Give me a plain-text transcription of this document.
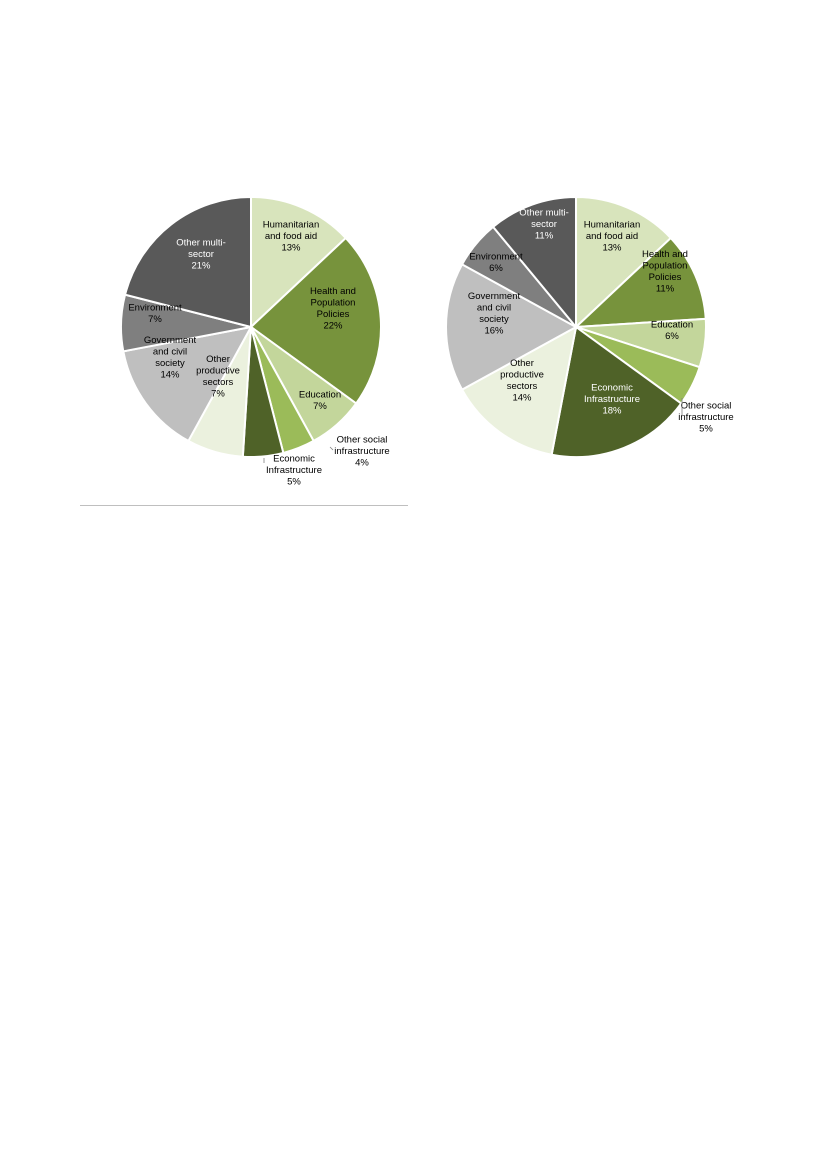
Humanitarian and food aid 13%
Health and Population Policies 22%
Education 7%
Other social infrastructure 4%
Economic Infrastructure 5%
Other productive sectors 7%
Government and civil society 14%
Environment 7%
Other multi-sector 21%
Humanitarian and food aid 13%
Health and Population Policies 11%
Education 6%
Other social infrastructure 5%
Economic Infrastructure 18%
Other productive sectors 14%
Government and civil society 16%
Environment 6%
Other multi-sector 11%
